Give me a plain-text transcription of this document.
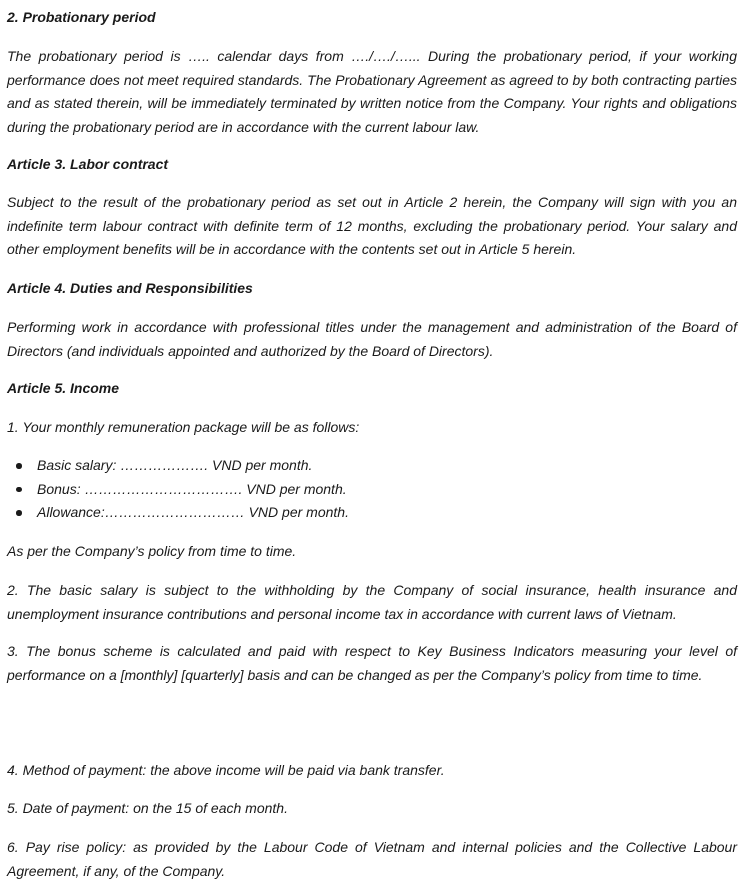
2. Probationary period

The probationary period is ….. calendar days from …./…./…... During the probationary period, if your working performance does not meet required standards. The Probationary Agreement as agreed to by both contracting parties and as stated therein, will be immediately terminated by written notice from the Company. Your rights and obligations during the probationary period are in accordance with the current labour law.

Article 3. Labor contract

Subject to the result of the probationary period as set out in Article 2 herein, the Company will sign with you an indefinite term labour contract with definite term of 12 months, excluding the probationary period. Your salary and other employment benefits will be in accordance with the contents set out in Article 5 herein.

Article 4. Duties and Responsibilities

Performing work in accordance with professional titles under the management and administration of the Board of Directors (and individuals appointed and authorized by the Board of Directors).

Article 5. Income

1. Your monthly remuneration package will be as follows:

Basic salary: ………………. VND per month.
Bonus: ……………………………. VND per month.
Allowance:………………………… VND per month.

As per the Company’s policy from time to time.

2. The basic salary is subject to the withholding by the Company of social insurance, health insurance and unemployment insurance contributions and personal income tax in accordance with current laws of Vietnam.

3. The bonus scheme is calculated and paid with respect to Key Business Indicators measuring your level of performance on a [monthly] [quarterly] basis and can be changed as per the Company’s policy from time to time.

4. Method of payment: the above income will be paid via bank transfer.

5. Date of payment: on the 15 of each month.

6. Pay rise policy: as provided by the Labour Code of Vietnam and internal policies and the Collective Labour Agreement, if any, of the Company.
